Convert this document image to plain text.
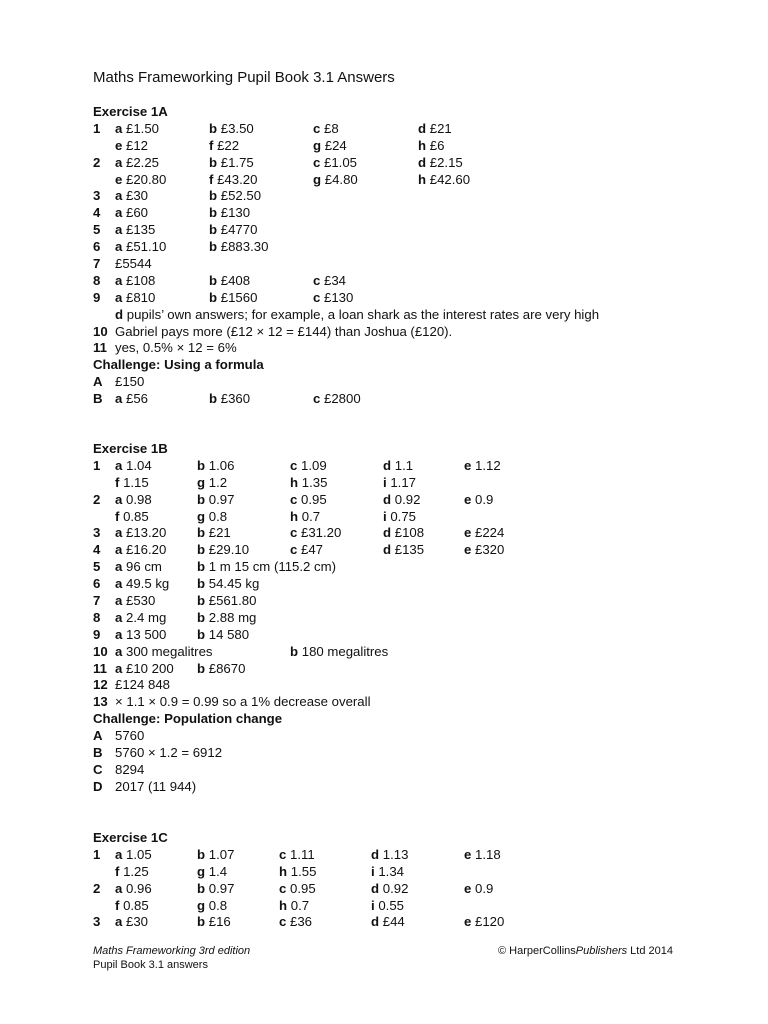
Maths Frameworking Pupil Book 3.1 Answers
Exercise 1A
1 a £1.50	b £3.50	c £8	d £21
e £12	f £22	g £24	h £6
2 a £2.25	b £1.75	c £1.05	d £2.15
e £20.80	f £43.20	g £4.80	h £42.60
3 a £30	b £52.50
4 a £60	b £130
5 a £135	b £4770
6 a £51.10	b £883.30
7 £5544
8 a £108	b £408	c £34
9 a £810	b £1560	c £130
d pupils’ own answers; for example, a loan shark as the interest rates are very high
10 Gabriel pays more (£12 × 12 = £144) than Joshua (£120).
11 yes, 0.5% × 12 = 6%
Challenge: Using a formula
A £150
B a £56	b £360	c £2800
Exercise 1B
1 a 1.04	b 1.06	c 1.09	d 1.1	e 1.12
f 1.15	g 1.2	h 1.35	i 1.17
2 a 0.98	b 0.97	c 0.95	d 0.92	e 0.9
f 0.85	g 0.8	h 0.7	i 0.75
3 a £13.20 b £21	c £31.20	d £108	e £224
4 a £16.20 b £29.10	c £47	d £135	e £320
5 a 96 cm	b 1 m 15 cm (115.2 cm)
6 a 49.5 kg b 54.45 kg
7 a £530	b £561.80
8 a 2.4 mg b 2.88 mg
9 a 13 500 b 14 580
10 a 300 megalitres	b 180 megalitres
11 a £10 200 b £8670
12 £124 848
13 × 1.1 × 0.9 = 0.99 so a 1% decrease overall
Challenge: Population change
A 5760
B 5760 × 1.2 = 6912
C 8294
D 2017 (11 944)
Exercise 1C
1 a 1.05	b 1.07	c 1.11	d 1.13	e 1.18
f 1.25	g 1.4	h 1.55	i 1.34
2 a 0.96	b 0.97	c 0.95	d 0.92	e 0.9
f 0.85	g 0.8	h 0.7	i 0.55
3 a £30	b £16	c £36	d £44	e £120
Maths Frameworking 3rd edition
Pupil Book 3.1 answers
© HarperCollinsPublishers Ltd 2014
